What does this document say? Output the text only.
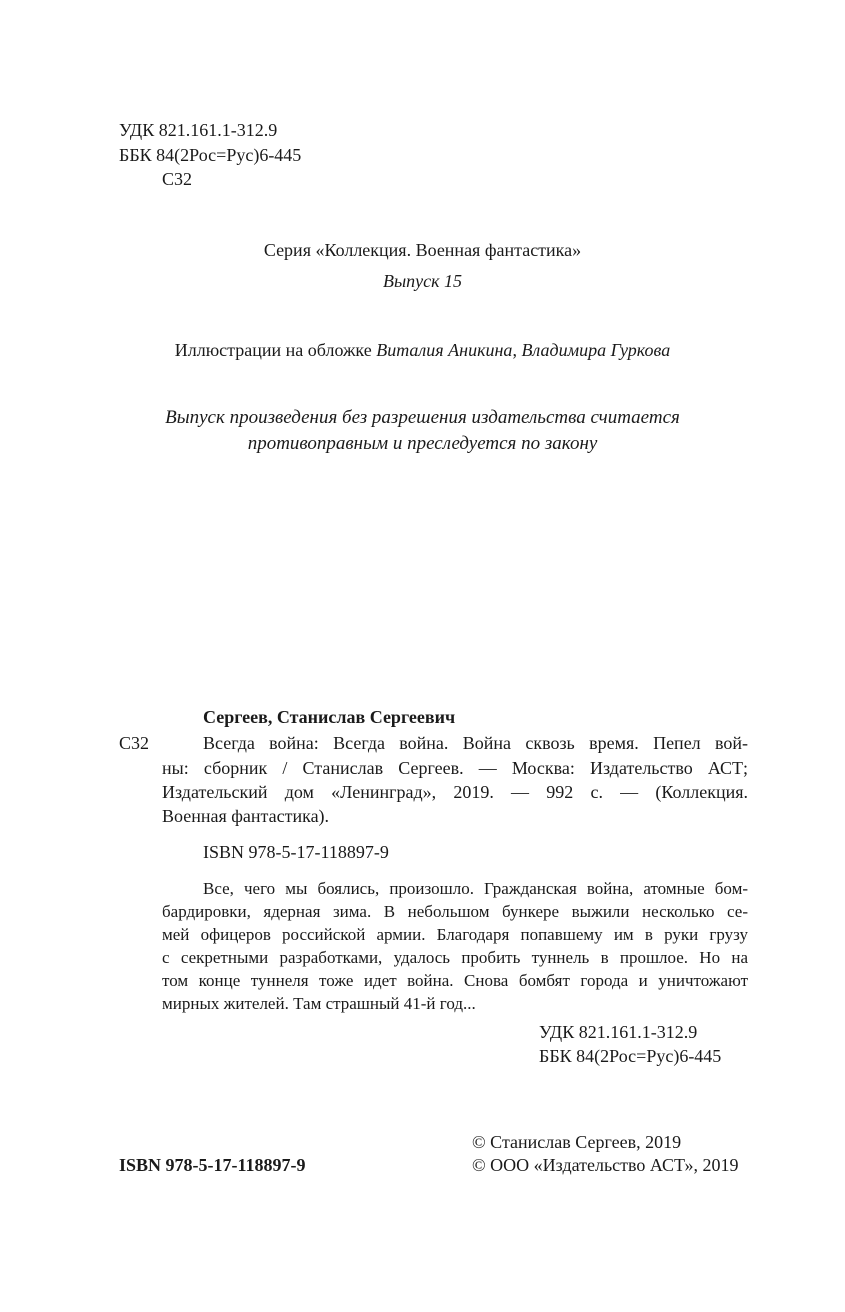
УДК 821.161.1-312.9
ББК 84(2Рос=Рус)6-445
С32
Серия «Коллекция. Военная фантастика»
Выпуск 15
Иллюстрации на обложке Виталия Аникина, Владимира Гуркова
Выпуск произведения без разрешения издательства считается
противоправным и преследуется по закону
Сергеев, Станислав Сергеевич
С32	Всегда война: Всегда война. Война сквозь время. Пепел вой-
ны: сборник / Станислав Сергеев. — Москва: Издательство АСТ;
Издательский дом «Ленинград», 2019. — 992 с. — (Коллекция.
Военная фантастика).
ISBN 978-5-17-118897-9
Все, чего мы боялись, произошло. Гражданская война, атомные бом-
бардировки, ядерная зима. В небольшом бункере выжили несколько се-
мей офицеров российской армии. Благодаря попавшему им в руки грузу
с секретными разработками, удалось пробить туннель в прошлое. Но на
том конце туннеля тоже идет война. Снова бомбят города и уничтожают
мирных жителей. Там страшный 41-й год...
УДК 821.161.1-312.9
ББК 84(2Рос=Рус)6-445
ISBN 978-5-17-118897-9
© Станислав Сергеев, 2019
© ООО «Издательство АСТ», 2019
